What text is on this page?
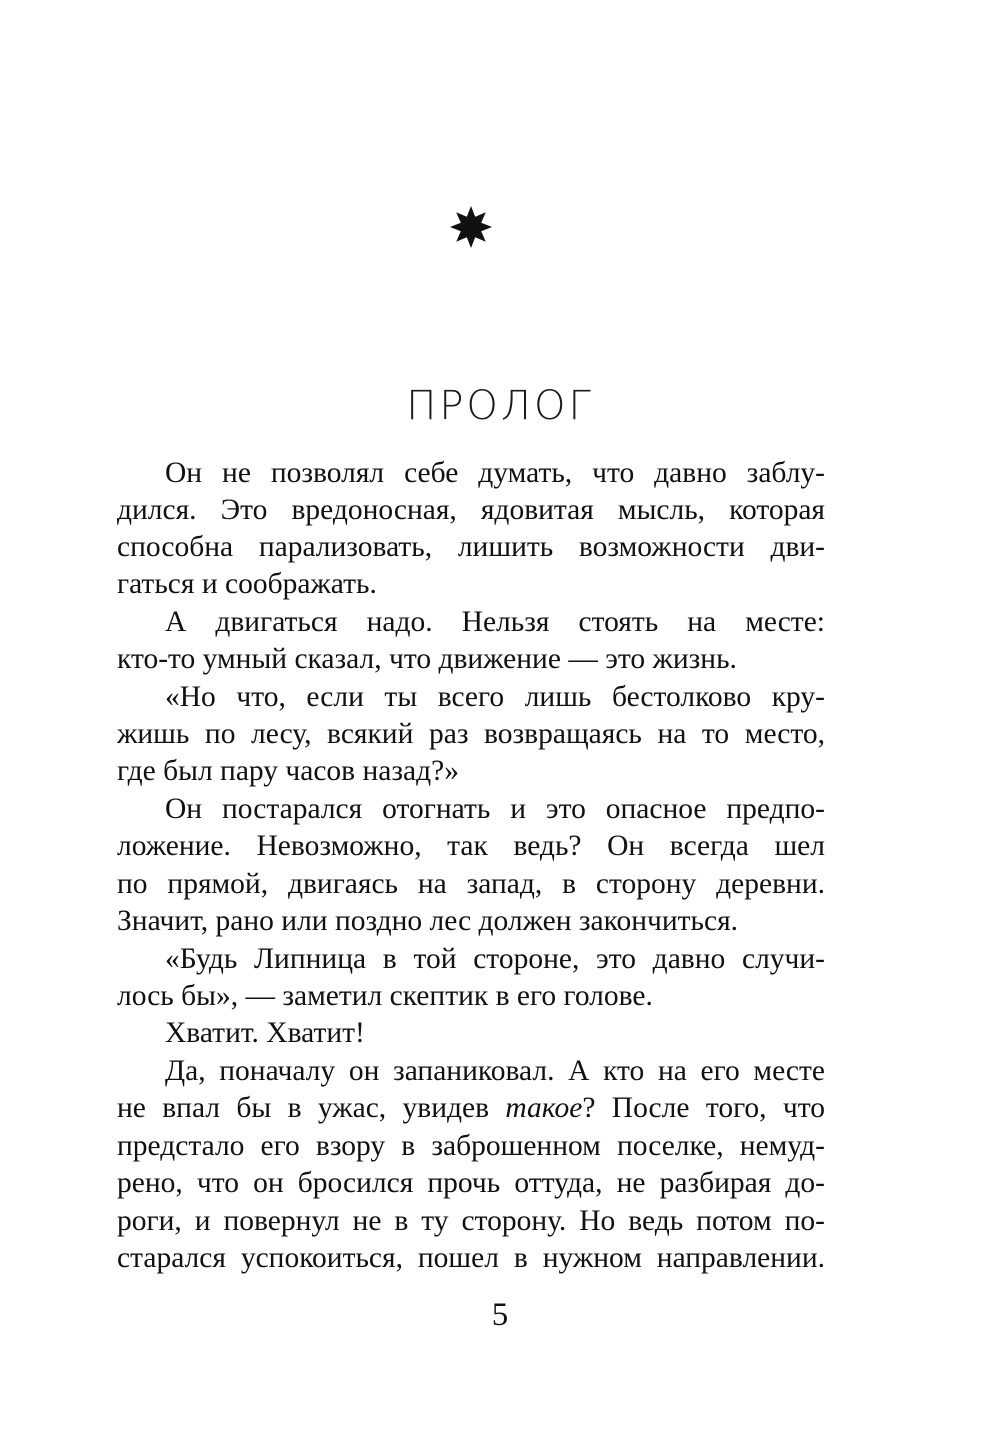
ПРОЛОГ
Он не позволял себе думать, что давно заблу-
дился. Это вредоносная, ядовитая мысль, которая
способна парализовать, лишить возможности дви-
гаться и соображать.
А двигаться надо. Нельзя стоять на месте:
кто-то умный сказал, что движение — это жизнь.
«Но что, если ты всего лишь бестолково кру-
жишь по лесу, всякий раз возвращаясь на то место,
где был пару часов назад?»
Он постарался отогнать и это опасное предпо-
ложение. Невозможно, так ведь? Он всегда шел
по прямой, двигаясь на запад, в сторону деревни.
Значит, рано или поздно лес должен закончиться.
«Будь Липница в той стороне, это давно случи-
лось бы», — заметил скептик в его голове.
Хватит. Хватит!
Да, поначалу он запаниковал. А кто на его месте
не впал бы в ужас, увидев такое? После того, что
предстало его взору в заброшенном поселке, немуд-
рено, что он бросился прочь оттуда, не разбирая до-
роги, и повернул не в ту сторону. Но ведь потом по-
старался успокоиться, пошел в нужном направлении.
5
